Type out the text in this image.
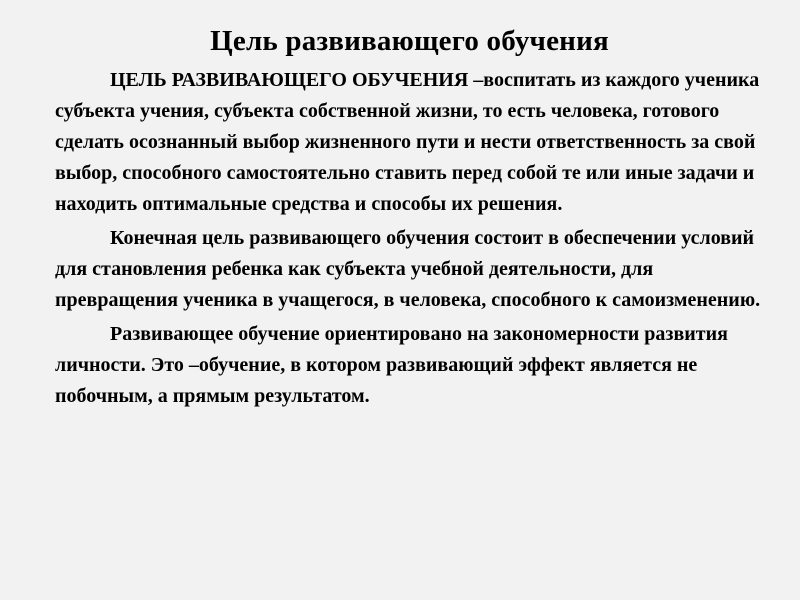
Цель развивающего обучения

ЦЕЛЬ РАЗВИВАЮЩЕГО ОБУЧЕНИЯ –воспитать из каждого ученика субъекта учения, субъекта собственной жизни, то есть человека, готового сделать осознанный выбор жизненного пути и нести ответственность за свой выбор, способного самостоятельно ставить перед собой те или иные задачи и находить оптимальные средства и способы их решения.

Конечная цель развивающего обучения состоит в обеспечении условий для становления ребенка как субъекта учебной деятельности, для превращения ученика в учащегося, в человека, способного к самоизменению.

Развивающее обучение ориентировано на закономерности развития личности. Это –обучение, в котором развивающий эффект является не побочным, а прямым результатом.
